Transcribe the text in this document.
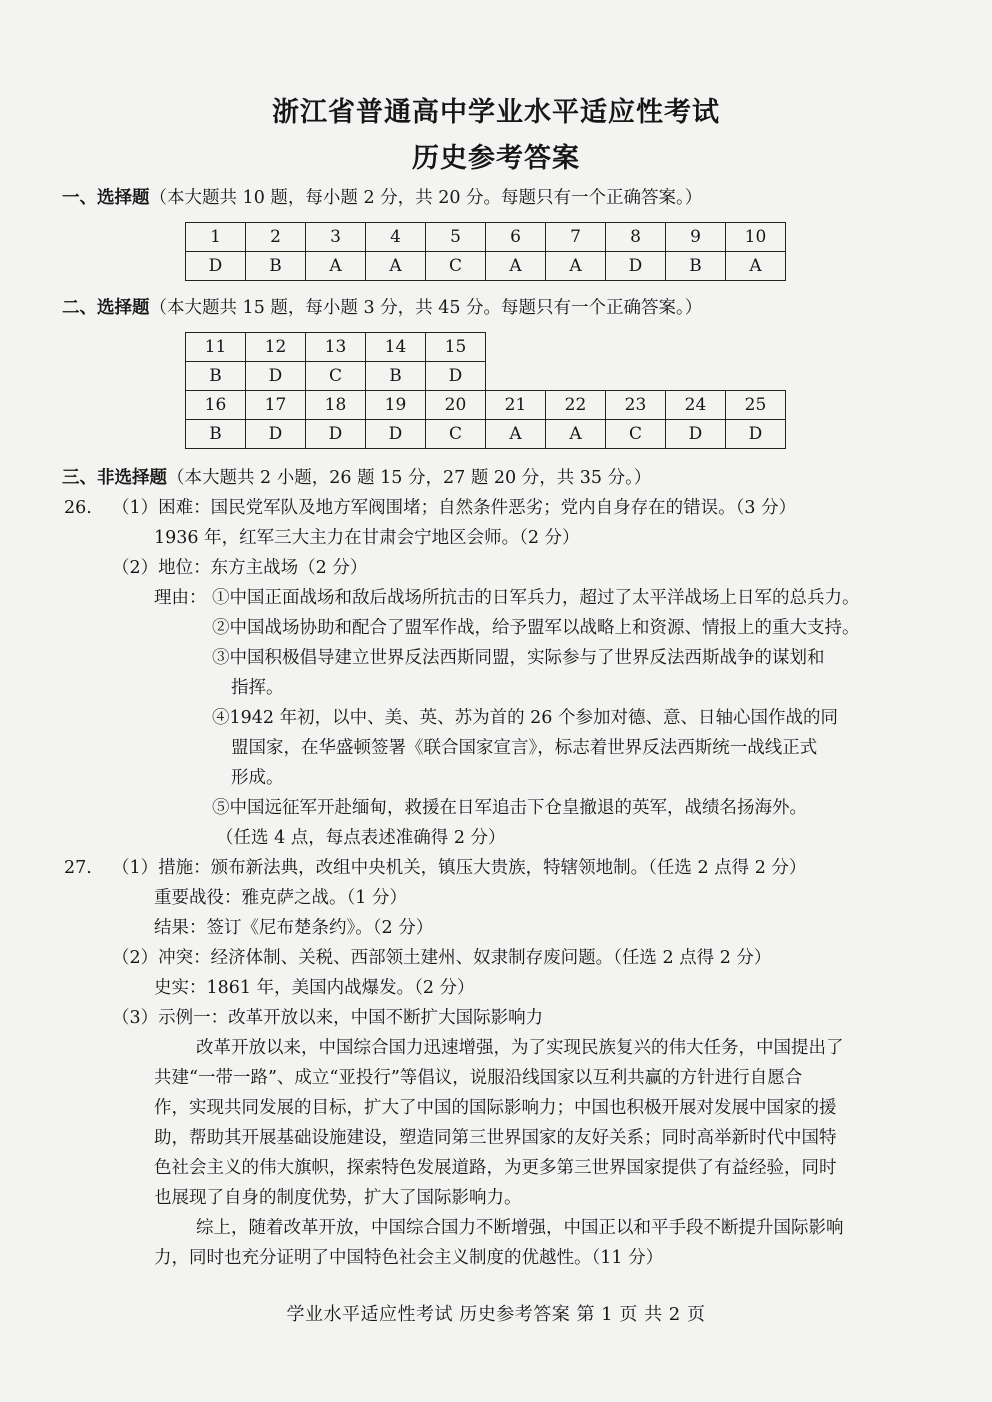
浙江省普通高中学业水平适应性考试
历史参考答案
一、选择题（本大题共 10 题，每小题 2 分，共 20 分。每题只有一个正确答案。）
1	2	3	4	5	6	7	8	9	10
D	B	A	A	C	A	A	D	B	A
二、选择题（本大题共 15 题，每小题 3 分，共 45 分。每题只有一个正确答案。）
11	12	13	14	15					
B	D	C	B	D					
16	17	18	19	20	21	22	23	24	25
B	D	D	D	C	A	A	C	D	D
三、非选择题（本大题共 2 小题，26 题 15 分，27 题 20 分，共 35 分。）
26. （1）困难：国民党军队及地方军阀围堵；自然条件恶劣；党内自身存在的错误。（3 分）
1936 年，红军三大主力在甘肃会宁地区会师。（2 分）
（2）地位：东方主战场（2 分）
理由： ①中国正面战场和敌后战场所抗击的日军兵力，超过了太平洋战场上日军的总兵力。
②中国战场协助和配合了盟军作战，给予盟军以战略上和资源、情报上的重大支持。
③中国积极倡导建立世界反法西斯同盟，实际参与了世界反法西斯战争的谋划和
指挥。
④1942 年初，以中、美、英、苏为首的 26 个参加对德、意、日轴心国作战的同
盟国家，在华盛顿签署《联合国家宣言》，标志着世界反法西斯统一战线正式
形成。
⑤中国远征军开赴缅甸，救援在日军追击下仓皇撤退的英军，战绩名扬海外。
（任选 4 点，每点表述准确得 2 分）
27. （1）措施：颁布新法典，改组中央机关，镇压大贵族，特辖领地制。（任选 2 点得 2 分）
重要战役：雅克萨之战。（1 分）
结果：签订《尼布楚条约》。（2 分）
（2）冲突：经济体制、关税、西部领土建州、奴隶制存废问题。（任选 2 点得 2 分）
史实：1861 年，美国内战爆发。（2 分）
（3）示例一：改革开放以来，中国不断扩大国际影响力
改革开放以来，中国综合国力迅速增强，为了实现民族复兴的伟大任务，中国提出了
共建“一带一路”、成立“亚投行”等倡议，说服沿线国家以互利共赢的方针进行自愿合
作，实现共同发展的目标，扩大了中国的国际影响力；中国也积极开展对发展中国家的援
助，帮助其开展基础设施建设，塑造同第三世界国家的友好关系；同时高举新时代中国特
色社会主义的伟大旗帜，探索特色发展道路，为更多第三世界国家提供了有益经验，同时
也展现了自身的制度优势，扩大了国际影响力。
综上，随着改革开放，中国综合国力不断增强，中国正以和平手段不断提升国际影响
力，同时也充分证明了中国特色社会主义制度的优越性。（11 分）
学业水平适应性考试 历史参考答案 第 1 页 共 2 页
